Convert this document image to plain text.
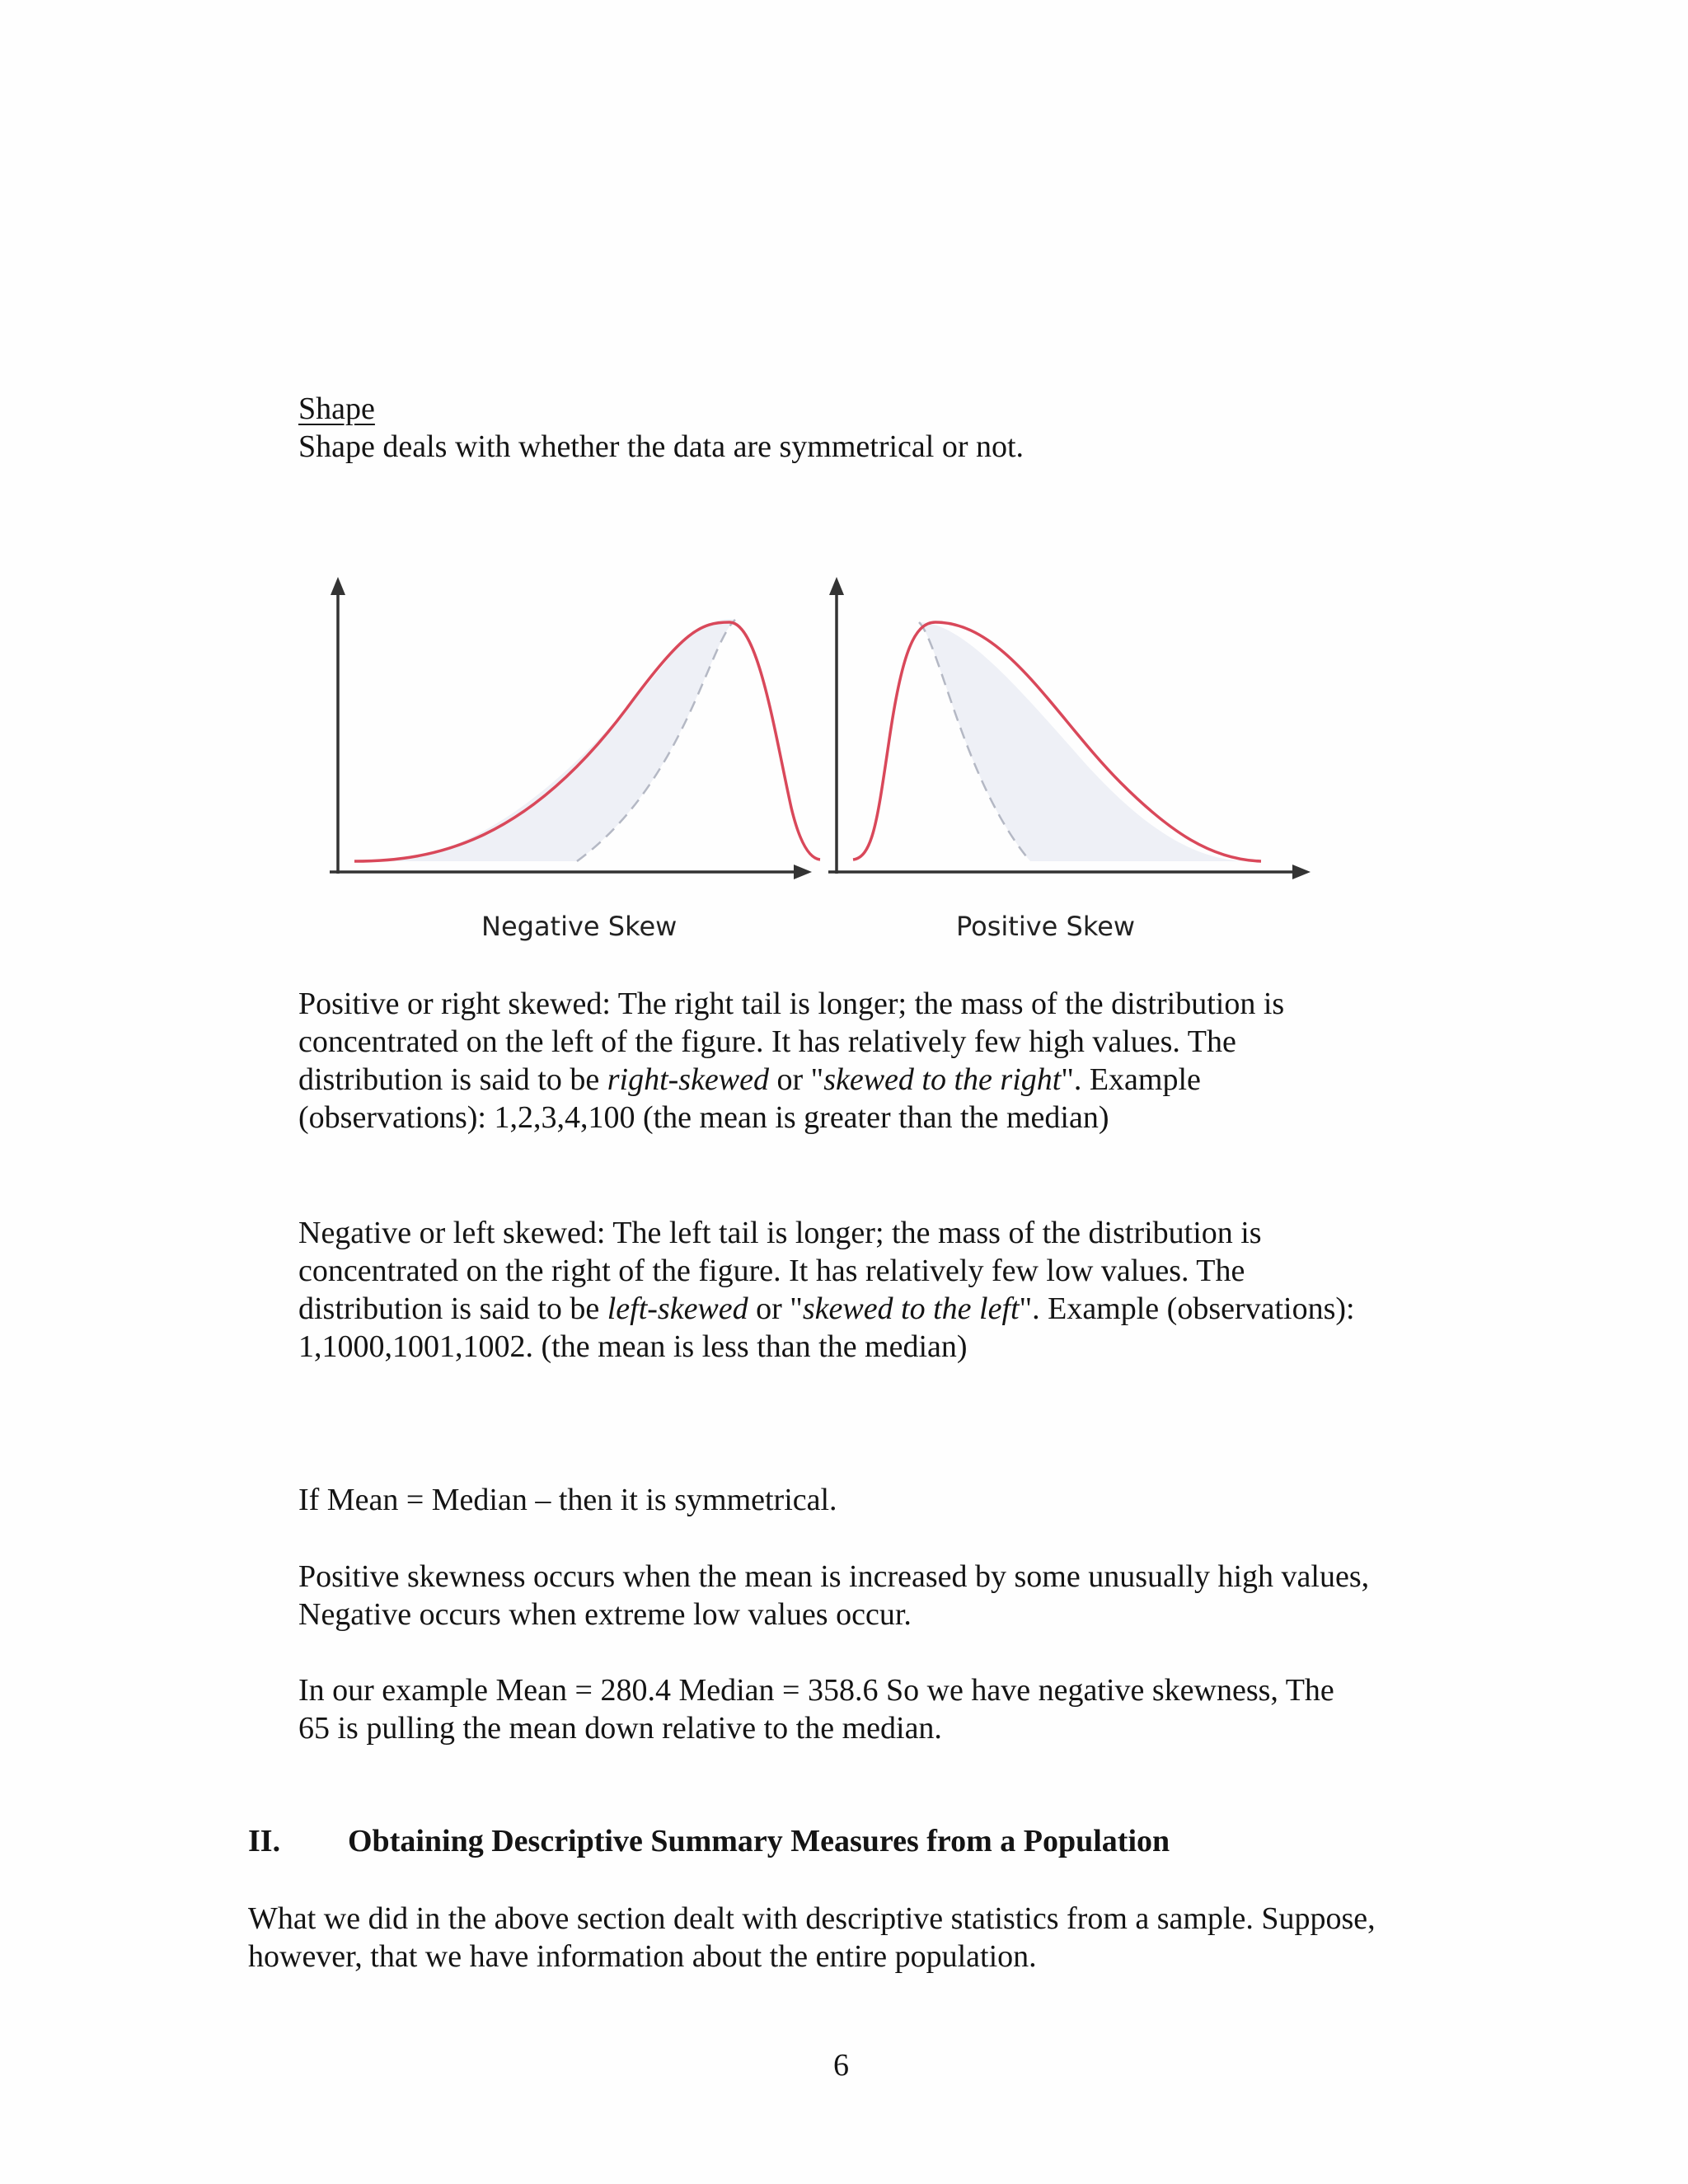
Shape
Shape deals with whether the data are symmetrical or not.
Negative Skew	Positive Skew
Positive or right skewed: The right tail is longer; the mass of the distribution is
concentrated on the left of the figure. It has relatively few high values. The
distribution is said to be right-skewed or "skewed to the right". Example
(observations): 1,2,3,4,100 (the mean is greater than the median)
Negative or left skewed: The left tail is longer; the mass of the distribution is
concentrated on the right of the figure. It has relatively few low values. The
distribution is said to be left-skewed or "skewed to the left". Example (observations):
1,1000,1001,1002. (the mean is less than the median)
If Mean = Median – then it is symmetrical.
Positive skewness occurs when the mean is increased by some unusually high values,
Negative occurs when extreme low values occur.
In our example Mean = 280.4 Median = 358.6 So we have negative skewness, The
65 is pulling the mean down relative to the median.
II. Obtaining Descriptive Summary Measures from a Population
What we did in the above section dealt with descriptive statistics from a sample. Suppose,
however, that we have information about the entire population.
6
